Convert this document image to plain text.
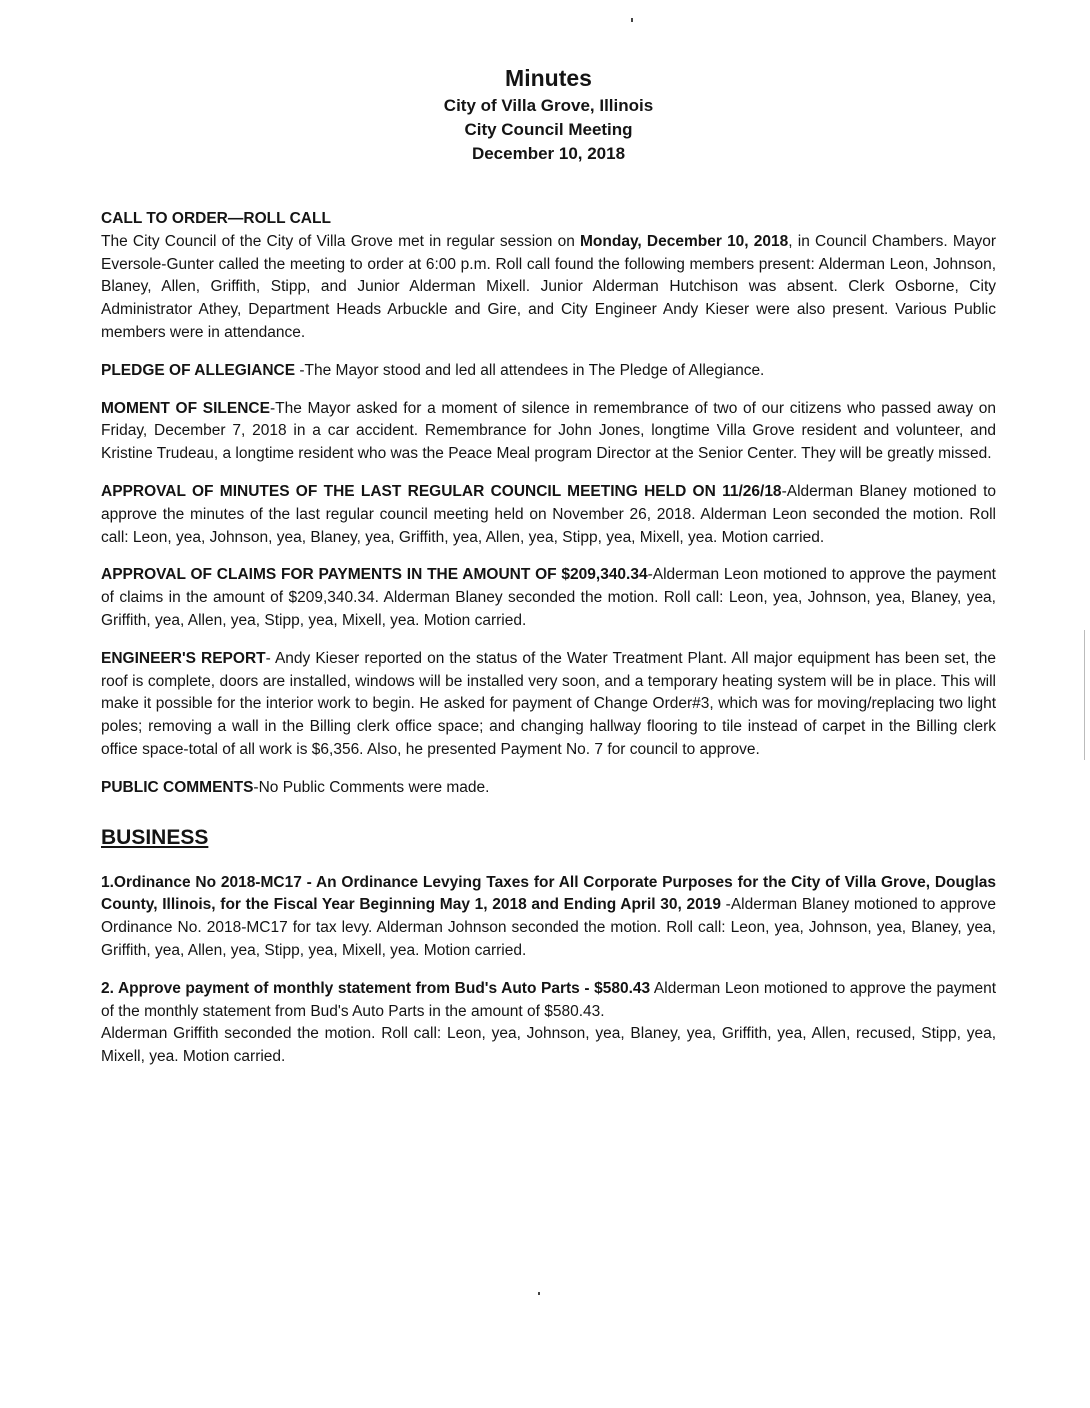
Minutes
City of Villa Grove, Illinois
City Council Meeting
December 10, 2018

CALL TO ORDER—ROLL CALL

The City Council of the City of Villa Grove met in regular session on Monday, December 10, 2018, in Council Chambers. Mayor Eversole-Gunter called the meeting to order at 6:00 p.m. Roll call found the following members present: Alderman Leon, Johnson, Blaney, Allen, Griffith, Stipp, and Junior Alderman Mixell. Junior Alderman Hutchison was absent. Clerk Osborne, City Administrator Athey, Department Heads Arbuckle and Gire, and City Engineer Andy Kieser were also present. Various Public members were in attendance.

PLEDGE OF ALLEGIANCE -The Mayor stood and led all attendees in The Pledge of Allegiance.

MOMENT OF SILENCE-The Mayor asked for a moment of silence in remembrance of two of our citizens who passed away on Friday, December 7, 2018 in a car accident. Remembrance for John Jones, longtime Villa Grove resident and volunteer, and Kristine Trudeau, a longtime resident who was the Peace Meal program Director at the Senior Center. They will be greatly missed.

APPROVAL OF MINUTES OF THE LAST REGULAR COUNCIL MEETING HELD ON 11/26/18-Alderman Blaney motioned to approve the minutes of the last regular council meeting held on November 26, 2018. Alderman Leon seconded the motion. Roll call: Leon, yea, Johnson, yea, Blaney, yea, Griffith, yea, Allen, yea, Stipp, yea, Mixell, yea. Motion carried.

APPROVAL OF CLAIMS FOR PAYMENTS IN THE AMOUNT OF $209,340.34-Alderman Leon motioned to approve the payment of claims in the amount of $209,340.34. Alderman Blaney seconded the motion. Roll call: Leon, yea, Johnson, yea, Blaney, yea, Griffith, yea, Allen, yea, Stipp, yea, Mixell, yea. Motion carried.

ENGINEER'S REPORT- Andy Kieser reported on the status of the Water Treatment Plant. All major equipment has been set, the roof is complete, doors are installed, windows will be installed very soon, and a temporary heating system will be in place. This will make it possible for the interior work to begin. He asked for payment of Change Order#3, which was for moving/replacing two light poles; removing a wall in the Billing clerk office space; and changing hallway flooring to tile instead of carpet in the Billing clerk office space-total of all work is $6,356. Also, he presented Payment No. 7 for council to approve.

PUBLIC COMMENTS-No Public Comments were made.

BUSINESS

1.Ordinance No 2018-MC17 - An Ordinance Levying Taxes for All Corporate Purposes for the City of Villa Grove, Douglas County, Illinois, for the Fiscal Year Beginning May 1, 2018 and Ending April 30, 2019 -Alderman Blaney motioned to approve Ordinance No. 2018-MC17 for tax levy. Alderman Johnson seconded the motion. Roll call: Leon, yea, Johnson, yea, Blaney, yea, Griffith, yea, Allen, yea, Stipp, yea, Mixell, yea. Motion carried.

2. Approve payment of monthly statement from Bud's Auto Parts - $580.43 Alderman Leon motioned to approve the payment of the monthly statement from Bud's Auto Parts in the amount of $580.43.

Alderman Griffith seconded the motion. Roll call: Leon, yea, Johnson, yea, Blaney, yea, Griffith, yea, Allen, recused, Stipp, yea, Mixell, yea. Motion carried.
